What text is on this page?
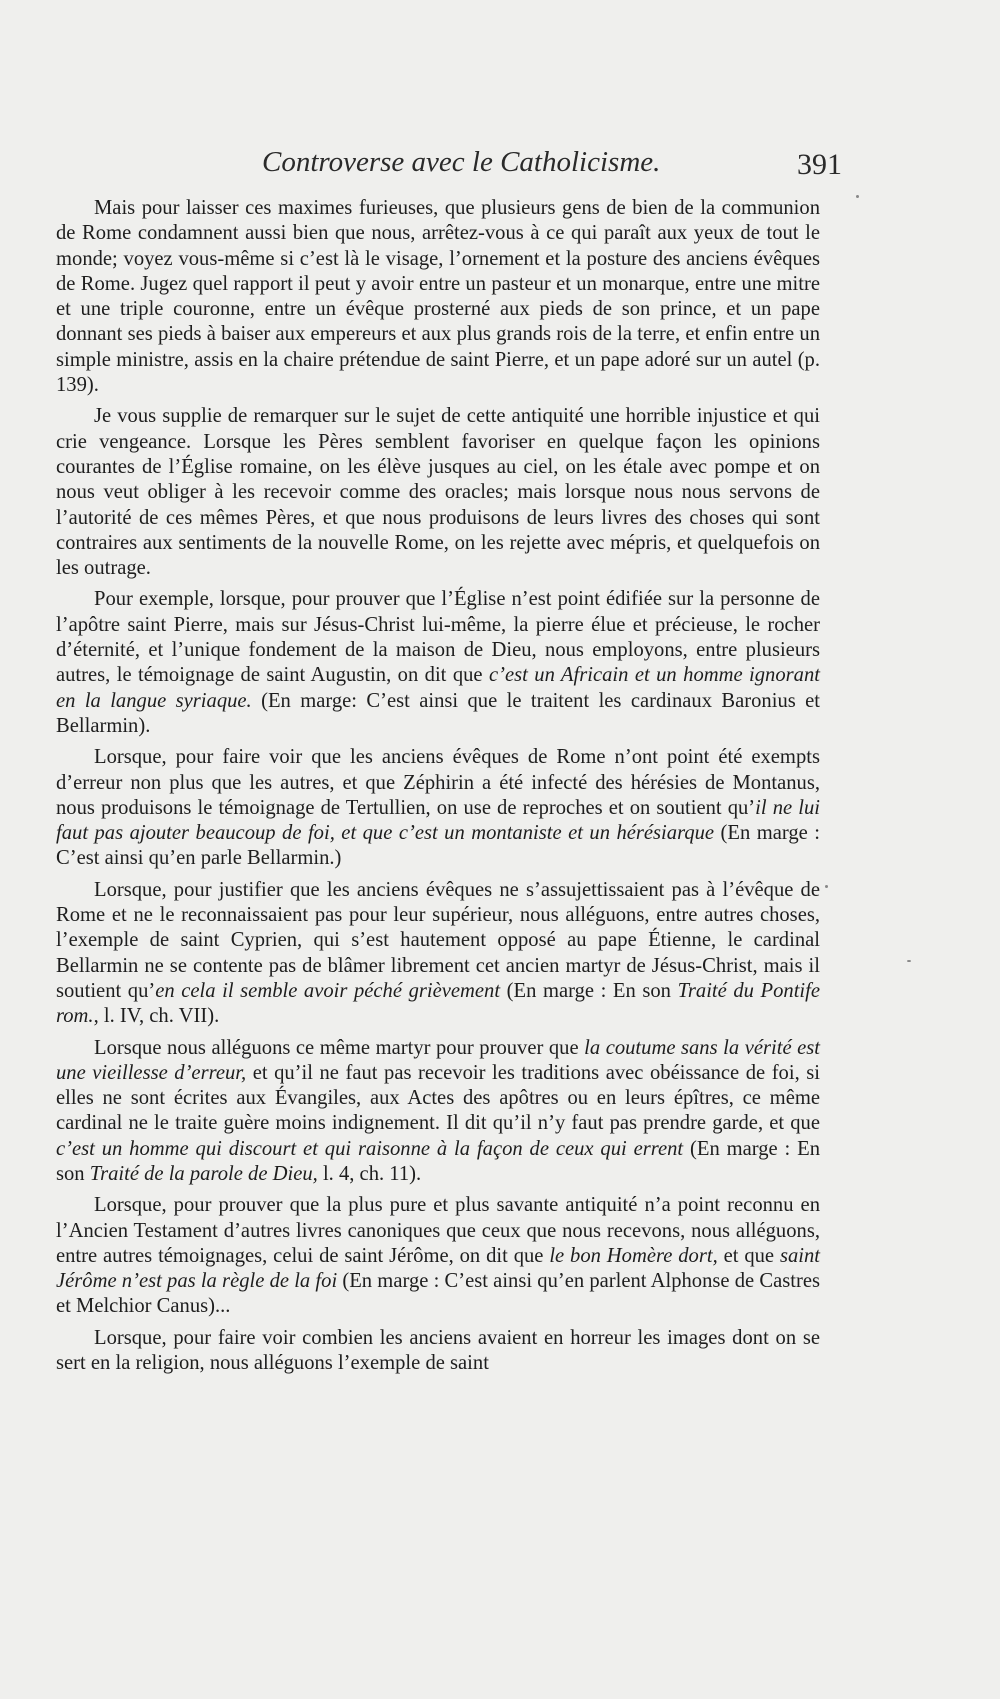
Controverse avec le Catholicisme.	391

Mais pour laisser ces maximes furieuses, que plusieurs gens de bien de la communion de Rome condamnent aussi bien que nous, arrêtez-vous à ce qui paraît aux yeux de tout le monde; voyez vous-même si c’est là le visage, l’ornement et la posture des anciens évêques de Rome. Jugez quel rapport il peut y avoir entre un pasteur et un monarque, entre une mitre et une triple couronne, entre un évêque prosterné aux pieds de son prince, et un pape donnant ses pieds à baiser aux empereurs et aux plus grands rois de la terre, et enfin entre un simple ministre, assis en la chaire prétendue de saint Pierre, et un pape adoré sur un autel (p. 139).

Je vous supplie de remarquer sur le sujet de cette antiquité une horrible injustice et qui crie vengeance. Lorsque les Pères semblent favoriser en quelque façon les opinions courantes de l’Église romaine, on les élève jusques au ciel, on les étale avec pompe et on nous veut obliger à les recevoir comme des oracles; mais lorsque nous nous servons de l’autorité de ces mêmes Pères, et que nous produisons de leurs livres des choses qui sont contraires aux sentiments de la nouvelle Rome, on les rejette avec mépris, et quelquefois on les outrage.

Pour exemple, lorsque, pour prouver que l’Église n’est point édifiée sur la personne de l’apôtre saint Pierre, mais sur Jésus-Christ lui-même, la pierre élue et précieuse, le rocher d’éternité, et l’unique fondement de la maison de Dieu, nous employons, entre plusieurs autres, le témoignage de saint Augustin, on dit que c’est un Africain et un homme ignorant en la langue syriaque. (En marge: C’est ainsi que le traitent les cardinaux Baronius et Bellarmin).

Lorsque, pour faire voir que les anciens évêques de Rome n’ont point été exempts d’erreur non plus que les autres, et que Zéphirin a été infecté des hérésies de Montanus, nous produisons le témoignage de Tertullien, on use de reproches et on soutient qu’il ne lui faut pas ajouter beaucoup de foi, et que c’est un montaniste et un hérésiarque (En marge : C’est ainsi qu’en parle Bellarmin.)

Lorsque, pour justifier que les anciens évêques ne s’assujettissaient pas à l’évêque de Rome et ne le reconnaissaient pas pour leur supérieur, nous alléguons, entre autres choses, l’exemple de saint Cyprien, qui s’est hautement opposé au pape Étienne, le cardinal Bellarmin ne se contente pas de blâmer librement cet ancien martyr de Jésus-Christ, mais il soutient qu’en cela il semble avoir péché grièvement (En marge : En son Traité du Pontife rom., l. IV, ch. VII).

Lorsque nous alléguons ce même martyr pour prouver que la coutume sans la vérité est une vieillesse d’erreur, et qu’il ne faut pas recevoir les traditions avec obéissance de foi, si elles ne sont écrites aux Évangiles, aux Actes des apôtres ou en leurs épîtres, ce même cardinal ne le traite guère moins indignement. Il dit qu’il n’y faut pas prendre garde, et que c’est un homme qui discourt et qui raisonne à la façon de ceux qui errent (En marge : En son Traité de la parole de Dieu, l. 4, ch. 11).

Lorsque, pour prouver que la plus pure et plus savante antiquité n’a point reconnu en l’Ancien Testament d’autres livres canoniques que ceux que nous recevons, nous alléguons, entre autres témoignages, celui de saint Jérôme, on dit que le bon Homère dort, et que saint Jérôme n’est pas la règle de la foi (En marge : C’est ainsi qu’en parlent Alphonse de Castres et Melchior Canus)...

Lorsque, pour faire voir combien les anciens avaient en horreur les images dont on se sert en la religion, nous alléguons l’exemple de saint
